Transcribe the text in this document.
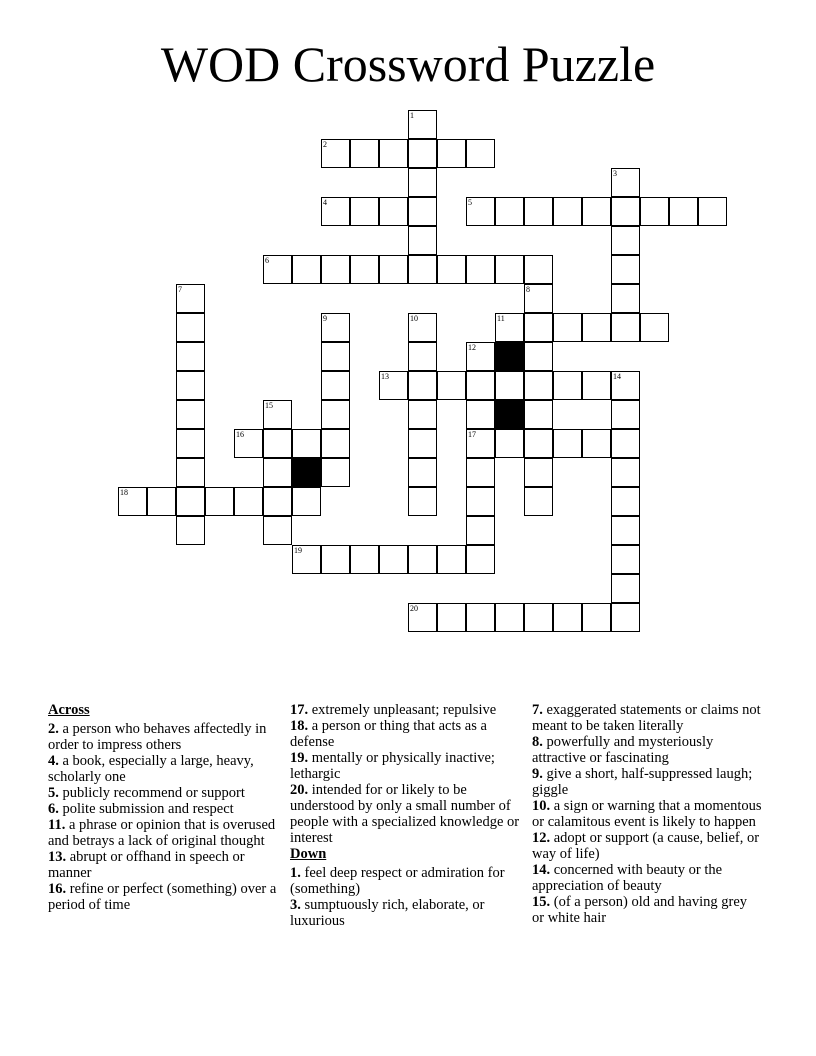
WOD Crossword Puzzle
1
2
3
4	5
6
7	8
9	10	11
12
13	14
15
16	17
18
19
20
Across
2. a person who behaves affectedly in order to impress others
4. a book, especially a large, heavy, scholarly one
5. publicly recommend or support
6. polite submission and respect
11. a phrase or opinion that is overused and betrays a lack of original thought
13. abrupt or offhand in speech or manner
16. refine or perfect (something) over a period of time
17. extremely unpleasant; repulsive
18. a person or thing that acts as a defense
19. mentally or physically inactive; lethargic
20. intended for or likely to be understood by only a small number of people with a specialized knowledge or interest
Down
1. feel deep respect or admiration for (something)
3. sumptuously rich, elaborate, or luxurious
7. exaggerated statements or claims not meant to be taken literally
8. powerfully and mysteriously attractive or fascinating
9. give a short, half-suppressed laugh; giggle
10. a sign or warning that a momentous or calamitous event is likely to happen
12. adopt or support (a cause, belief, or way of life)
14. concerned with beauty or the appreciation of beauty
15. (of a person) old and having grey or white hair
